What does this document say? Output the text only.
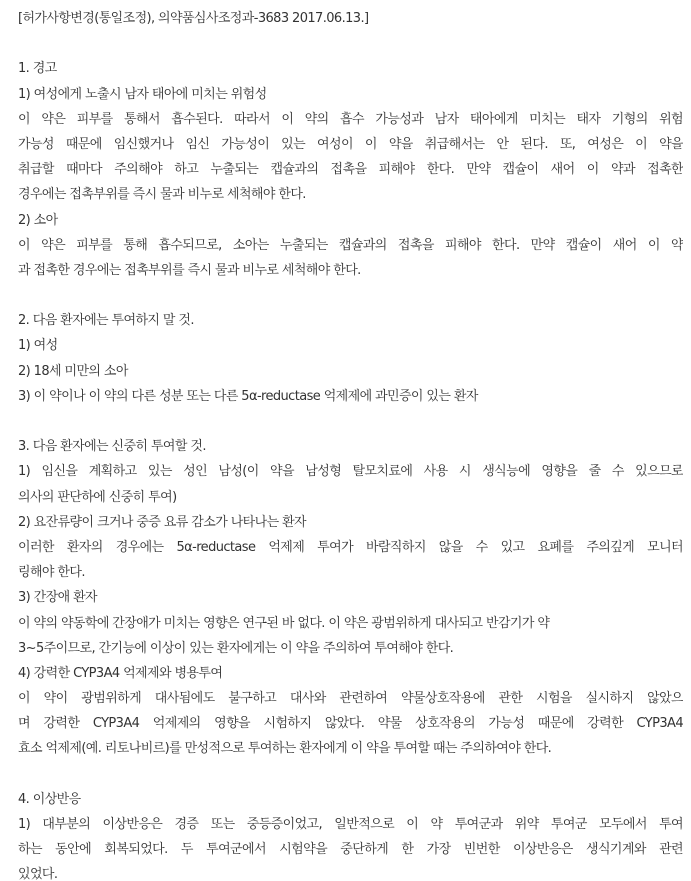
[허가사항변경(통일조정), 의약품심사조정과-3683 2017.06.13.]
1. 경고
1) 여성에게 노출시 남자 태아에 미치는 위험성
이 약은 피부를 통해서 흡수된다. 따라서 이 약의 흡수 가능성과 남자 태아에게 미치는 태자 기형의 위험
가능성 때문에 임신했거나 임신 가능성이 있는 여성이 이 약을 취급해서는 안 된다. 또, 여성은 이 약을
취급할 때마다 주의해야 하고 누출되는 캡슐과의 접촉을 피해야 한다. 만약 캡슐이 새어 이 약과 접촉한
경우에는 접촉부위를 즉시 물과 비누로 세척해야 한다.
2) 소아
이 약은 피부를 통해 흡수되므로, 소아는 누출되는 캡슐과의 접촉을 피해야 한다. 만약 캡슐이 새어 이 약
과 접촉한 경우에는 접촉부위를 즉시 물과 비누로 세척해야 한다.
2. 다음 환자에는 투여하지 말 것.
1) 여성
2) 18세 미만의 소아
3) 이 약이나 이 약의 다른 성분 또는 다른 5α-reductase 억제제에 과민증이 있는 환자
3. 다음 환자에는 신중히 투여할 것.
1) 임신을 계획하고 있는 성인 남성(이 약을 남성형 탈모치료에 사용 시 생식능에 영향을 줄 수 있으므로
의사의 판단하에 신중히 투여)
2) 요잔류량이 크거나 중증 요류 감소가 나타나는 환자
이러한 환자의 경우에는 5α-reductase 억제제 투여가 바람직하지 않을 수 있고 요폐를 주의깊게 모니터
링해야 한다.
3) 간장애 환자
이 약의 약동학에 간장애가 미치는 영향은 연구된 바 없다. 이 약은 광범위하게 대사되고 반감기가 약
3~5주이므로, 간기능에 이상이 있는 환자에게는 이 약을 주의하여 투여해야 한다.
4) 강력한 CYP3A4 억제제와 병용투여
이 약이 광범위하게 대사됨에도 불구하고 대사와 관련하여 약물상호작용에 관한 시험을 실시하지 않았으
며 강력한 CYP3A4 억제제의 영향을 시험하지 않았다. 약물 상호작용의 가능성 때문에 강력한 CYP3A4
효소 억제제(예. 리토나비르)를 만성적으로 투여하는 환자에게 이 약을 투여할 때는 주의하여야 한다.
4. 이상반응
1) 대부분의 이상반응은 경증 또는 중등증이었고, 일반적으로 이 약 투여군과 위약 투여군 모두에서 투여
하는 동안에 회복되었다. 두 투여군에서 시험약을 중단하게 한 가장 빈번한 이상반응은 생식기계와 관련
있었다.
